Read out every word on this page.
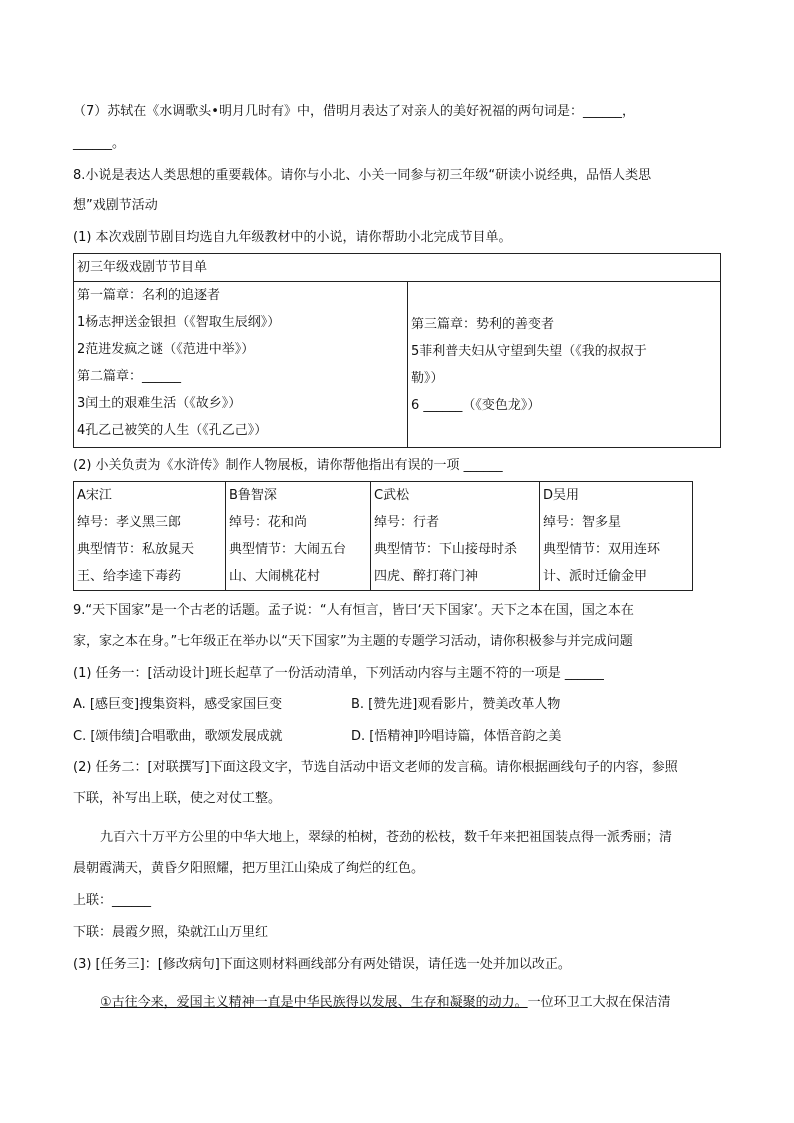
（7）苏轼在《水调歌头•明月几时有》中，借明月表达了对亲人的美好祝福的两句词是：______，
______。
8.小说是表达人类思想的重要载体。请你与小北、小关一同参与初三年级“研读小说经典，品悟人类思
想”戏剧节活动
(1) 本次戏剧节剧目均选自九年级教材中的小说，请你帮助小北完成节目单。
初三年级戏剧节节目单

第一篇章：名利的追逐者
1杨志押送金银担（《智取生辰纲》）
2范进发疯之谜（《范进中举》）
第二篇章：______
3闰土的艰难生活（《故乡》）
4孔乙己被笑的人生（《孔乙己》）

第三篇章：势利的善变者
5菲利普夫妇从守望到失望（《我的叔叔于
勒》）
6 ______（《变色龙》）
(2) 小关负责为《水浒传》制作人物展板，请你帮他指出有误的一项 ______
A宋江
绰号：孝义黑三郎
典型情节：私放晁天
王、给李逵下毒药

B鲁智深
绰号：花和尚
典型情节：大闹五台
山、大闹桃花村

C武松
绰号：行者
典型情节：下山接母时杀
四虎、醉打蒋门神

D吴用
绰号：智多星
典型情节：双用连环
计、派时迁偷金甲
9.“天下国家”是一个古老的话题。孟子说：“人有恒言，皆曰‘天下国家’。天下之本在国，国之本在
家，家之本在身。”七年级正在举办以“天下国家”为主题的专题学习活动，请你积极参与并完成问题
(1) 任务一：[活动设计]班长起草了一份活动清单，下列活动内容与主题不符的一项是 ______
A. [感巨变]搜集资料，感受家国巨变	B. [赞先进]观看影片，赞美改革人物
C. [颂伟绩]合唱歌曲，歌颂发展成就	D. [悟精神]吟唱诗篇，体悟音韵之美
(2) 任务二：[对联撰写]下面这段文字，节选自活动中语文老师的发言稿。请你根据画线句子的内容，参照
下联，补写出上联，使之对仗工整。
九百六十万平方公里的中华大地上，翠绿的柏树，苍劲的松枝，数千年来把祖国装点得一派秀丽；清
晨朝霞满天，黄昏夕阳照耀，把万里江山染成了绚烂的红色。
上联：______
下联：晨霞夕照，染就江山万里红
(3) [任务三]：[修改病句]下面这则材料画线部分有两处错误，请任选一处并加以改正。
①古往今来，爱国主义精神一直是中华民族得以发展、生存和凝聚的动力。一位环卫工大叔在保洁清
